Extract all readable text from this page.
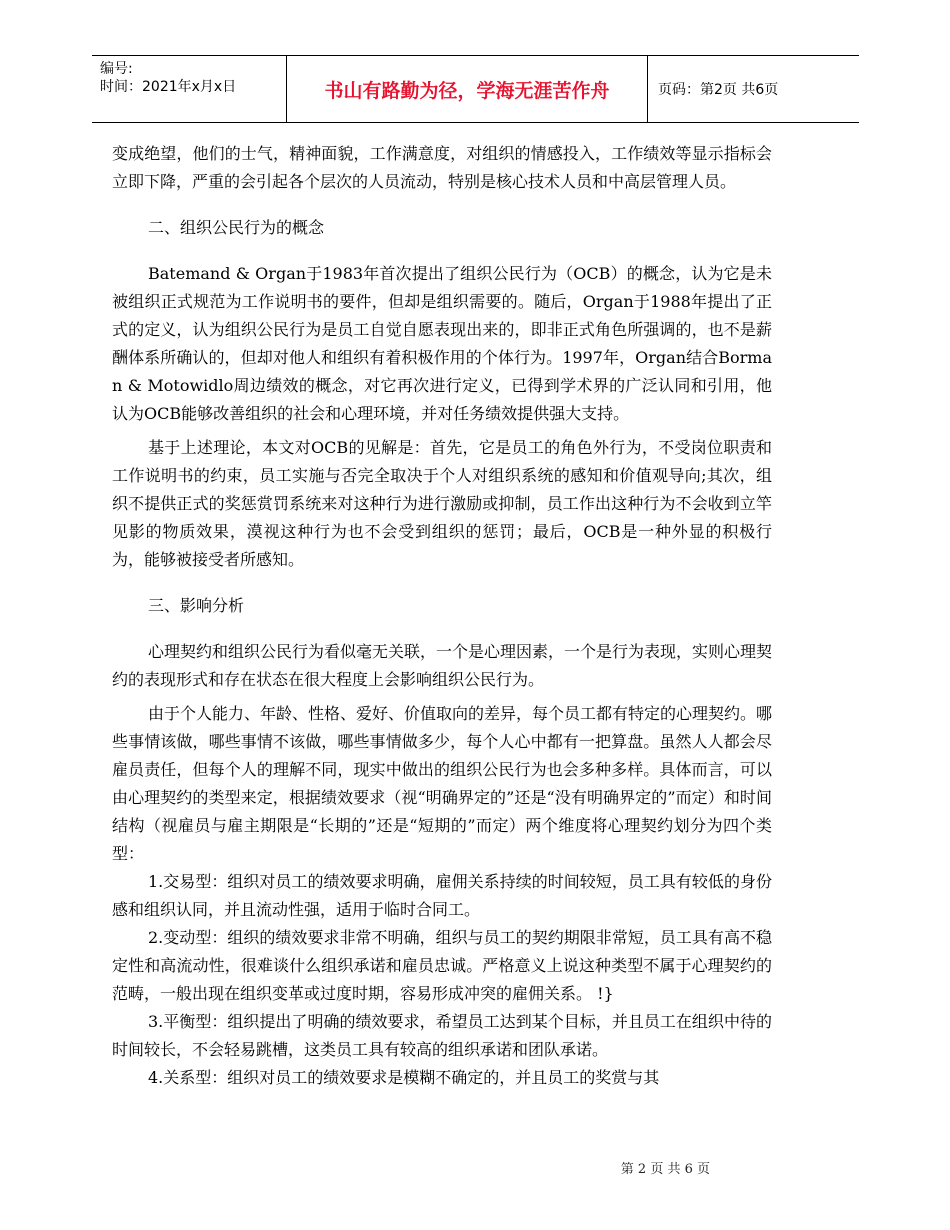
编号:
时间：2021年x月x日	书山有路勤为径，学海无涯苦作舟	页码：第2页 共6页

变成绝望，他们的士气，精神面貌，工作满意度，对组织的情感投入，工作绩效等显示指标会立即下降，严重的会引起各个层次的人员流动，特别是核心技术人员和中高层管理人员。

二、组织公民行为的概念

Batemand & Organ于1983年首次提出了组织公民行为（OCB）的概念，认为它是未被组织正式规范为工作说明书的要件，但却是组织需要的。随后，Organ于1988年提出了正式的定义，认为组织公民行为是员工自觉自愿表现出来的，即非正式角色所强调的，也不是薪酬体系所确认的，但却对他人和组织有着积极作用的个体行为。1997年，Organ结合Borman & Motowidlo周边绩效的概念，对它再次进行定义，已得到学术界的广泛认同和引用，他认为OCB能够改善组织的社会和心理环境，并对任务绩效提供强大支持。

基于上述理论，本文对OCB的见解是：首先，它是员工的角色外行为，不受岗位职责和工作说明书的约束，员工实施与否完全取决于个人对组织系统的感知和价值观导向;其次，组织不提供正式的奖惩赏罚系统来对这种行为进行激励或抑制，员工作出这种行为不会收到立竿见影的物质效果，漠视这种行为也不会受到组织的惩罚；最后，OCB是一种外显的积极行为，能够被接受者所感知。

三、影响分析

心理契约和组织公民行为看似毫无关联，一个是心理因素，一个是行为表现，实则心理契约的表现形式和存在状态在很大程度上会影响组织公民行为。

由于个人能力、年龄、性格、爱好、价值取向的差异，每个员工都有特定的心理契约。哪些事情该做，哪些事情不该做，哪些事情做多少，每个人心中都有一把算盘。虽然人人都会尽雇员责任，但每个人的理解不同，现实中做出的组织公民行为也会多种多样。具体而言，可以由心理契约的类型来定，根据绩效要求（视“明确界定的”还是“没有明确界定的”而定）和时间结构（视雇员与雇主期限是“长期的”还是“短期的”而定）两个维度将心理契约划分为四个类型：

1.交易型：组织对员工的绩效要求明确，雇佣关系持续的时间较短，员工具有较低的身份感和组织认同，并且流动性强，适用于临时合同工。

2.变动型：组织的绩效要求非常不明确，组织与员工的契约期限非常短，员工具有高不稳定性和高流动性，很难谈什么组织承诺和雇员忠诚。严格意义上说这种类型不属于心理契约的范畴，一般出现在组织变革或过度时期，容易形成冲突的雇佣关系。 !}

3.平衡型：组织提出了明确的绩效要求，希望员工达到某个目标，并且员工在组织中待的时间较长，不会轻易跳槽，这类员工具有较高的组织承诺和团队承诺。

4.关系型：组织对员工的绩效要求是模糊不确定的，并且员工的奖赏与其

第 2 页 共 6 页
